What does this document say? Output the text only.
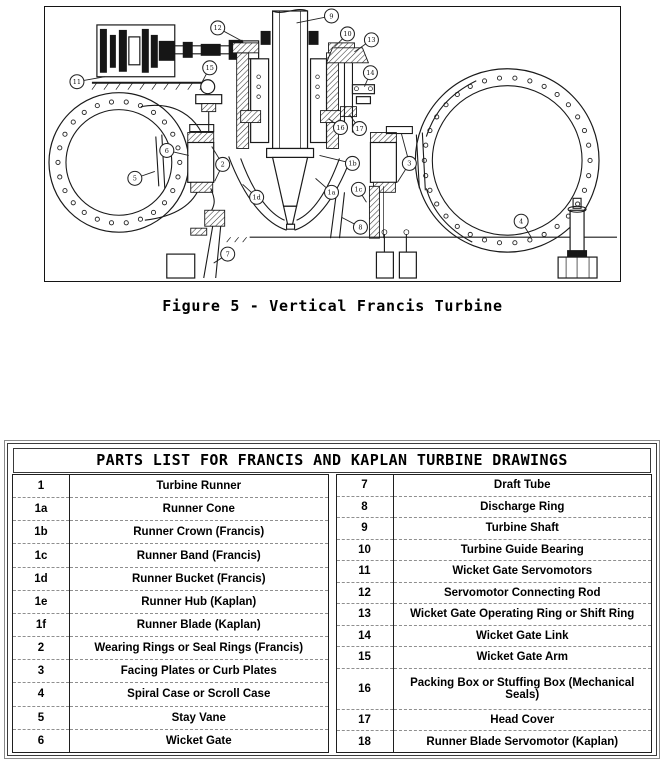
9
12
10
13
15
14
11
16 17
6
1b	3
2
5
1c
1a
1d
4
8
7
Figure 5 - Vertical Francis Turbine
PARTS LIST FOR FRANCIS AND KAPLAN TURBINE DRAWINGS
1	Turbine Runner
1a	Runner Cone
1b	Runner Crown (Francis)
1c	Runner Band (Francis)
1d	Runner Bucket (Francis)
1e	Runner Hub (Kaplan)
1f	Runner Blade (Kaplan)
2	Wearing Rings or Seal Rings (Francis)
3	Facing Plates or Curb Plates
4	Spiral Case or Scroll Case
5	Stay Vane
6	Wicket Gate
7	Draft Tube
8	Discharge Ring
9	Turbine Shaft
10	Turbine Guide Bearing
11	Wicket Gate Servomotors
12	Servomotor Connecting Rod
13	Wicket Gate Operating Ring or Shift Ring
14	Wicket Gate Link
15	Wicket Gate Arm
16	Packing Box or Stuffing Box (Mechanical Seals)
17	Head Cover
18	Runner Blade Servomotor (Kaplan)
